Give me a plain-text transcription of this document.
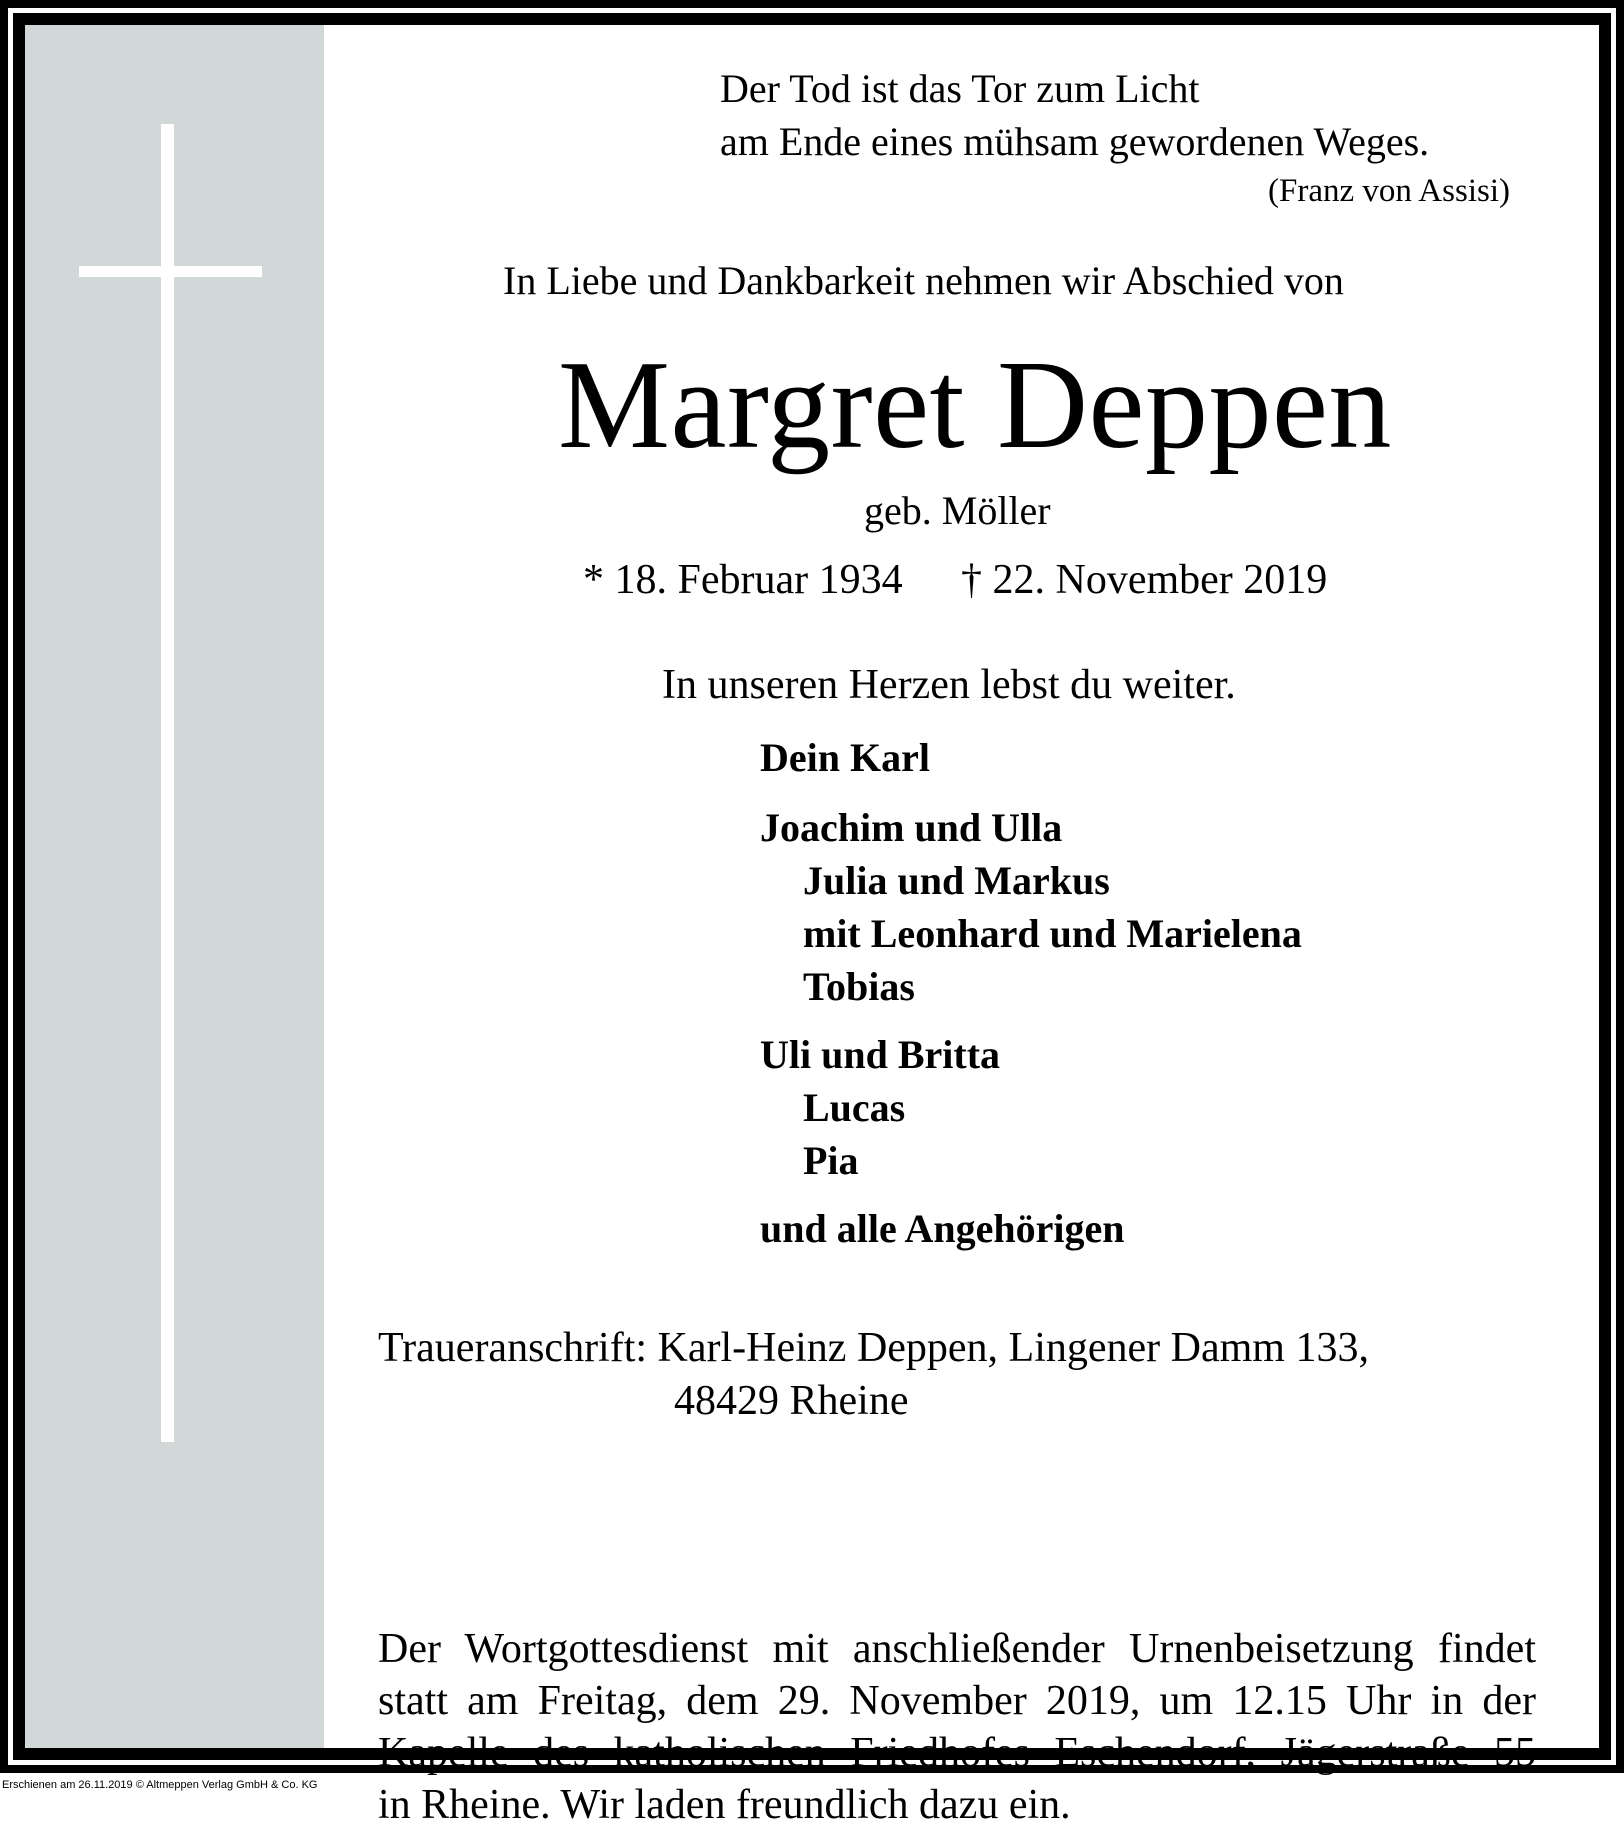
Der Tod ist das Tor zum Licht
am Ende eines mühsam gewordenen Weges.
(Franz von Assisi)
In Liebe und Dankbarkeit nehmen wir Abschied von
Margret Deppen
geb. Möller
* 18. Februar 1934 † 22. November 2019
In unseren Herzen lebst du weiter.
Dein Karl
Joachim und Ulla
Julia und Markus
mit Leonhard und Marielena
Tobias
Uli und Britta
Lucas
Pia
und alle Angehörigen
Traueranschrift: Karl-Heinz Deppen, Lingener Damm 133,
48429 Rheine
Der Wortgottesdienst mit anschließender Urnenbeisetzung findet
statt am Freitag, dem 29. November 2019, um 12.15 Uhr in der
Kapelle des katholischen Friedhofes Eschendorf, Jägerstraße 55
in Rheine. Wir laden freundlich dazu ein.
Erschienen am 26.11.2019 © Altmeppen Verlag GmbH & Co. KG
